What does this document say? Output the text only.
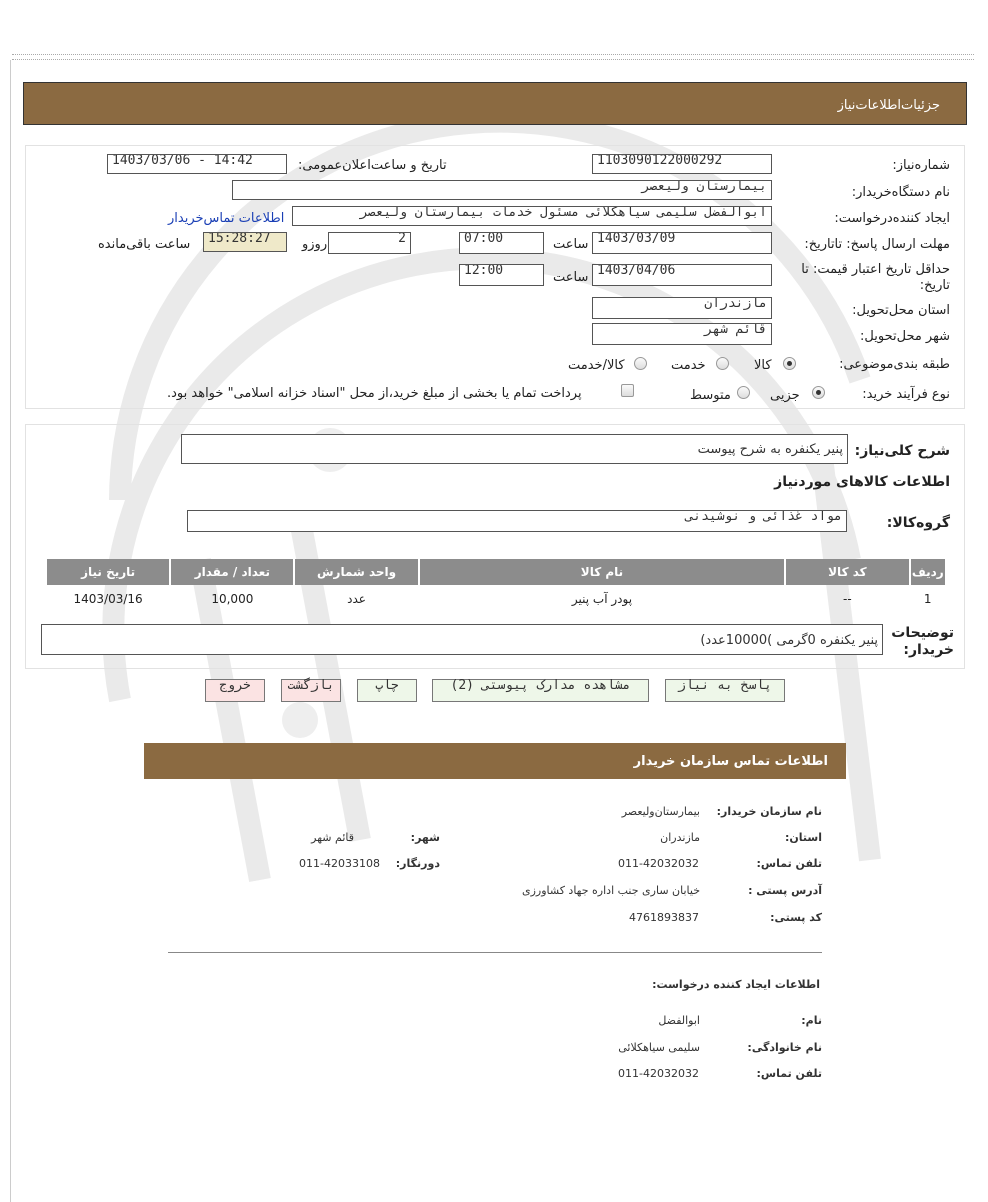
جزئیات‌اطلاعات‌نیاز
شماره‌نیاز:
1103090122000292
تاریخ و ساعت‌اعلان‌عمومی:
1403/03/06 - 14:42
نام دستگاه‌خریدار:
بیمارستان ولیعصر
ایجاد کننده‌درخواست:
ابوالفضل سلیمی سیاهکلائی مسئول خدمات بیمارستان ولیعصر
اطلاعات تماس‌خریدار
مهلت ارسال پاسخ: تاتاریخ:
1403/03/09
ساعت
07:00
2
روزو
15:28:27
ساعت باقی‌مانده
حداقل تاریخ اعتبار قیمت: تا تاریخ:
1403/04/06
ساعت
12:00
استان محل‌تحویل:
مازندران
شهر محل‌تحویل:
قائم شهر
طبقه بندی‌موضوعی:
کالا
خدمت
کالا/خدمت
نوع فرآیند خرید:
جزیی
متوسط
پرداخت تمام یا بخشی از مبلغ خرید،از محل "اسناد خزانه اسلامی" خواهد بود.
شرح کلی‌نیاز:
پنیر یکنفره به شرح پیوست
اطلاعات کالاهای مورد‌نیاز
گروه‌کالا:
مواد غذائی و نوشیدنی
ردیف	کد کالا	نام کالا	واحد شمارش	تعداد / مقدار	تاریخ نیاز
1	--	پودر آب پنیر	عدد	10,000	1403/03/16
توضیحات خریدار:
پنیر یکنفره 0گرمی )10000عدد)
پاسخ به نیاز
مشاهده مدارک پیوستی (2)
چاپ
بازگشت
خروج
اطلاعات تماس سازمان خریدار
نام سازمان خریدار:
بیمارستان‌ولیعصر
استان:
مازندران
شهر:
قائم شهر
تلفن تماس:
011-42032032
دورنگار:
011-42033108
آدرس پستی :
خیابان ساری جنب اداره جهاد کشاورزی
کد پستی:
4761893837
اطلاعات ایجاد کننده درخواست:
نام:
ابوالفضل
نام خانوادگی:
سلیمی سیاهکلائی
تلفن تماس:
011-42032032
